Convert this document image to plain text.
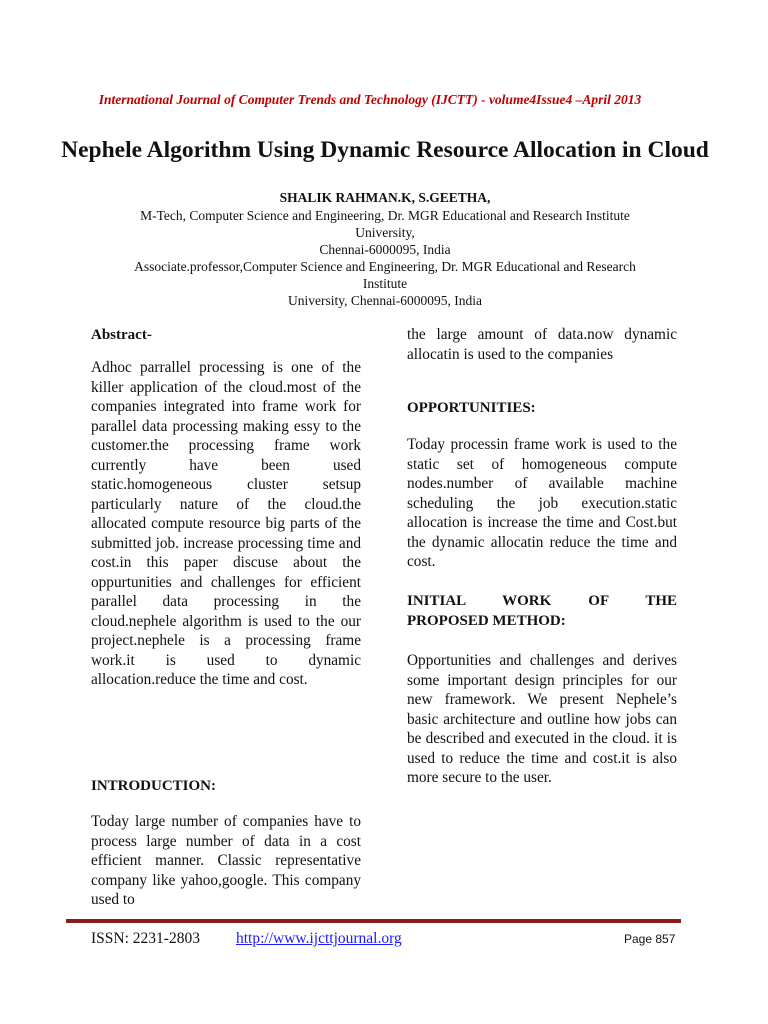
International Journal of Computer Trends and Technology (IJCTT) - volume4Issue4 –April 2013
Nephele Algorithm Using Dynamic Resource Allocation in Cloud
SHALIK RAHMAN.K, S.GEETHA,
M-Tech, Computer Science and Engineering, Dr. MGR Educational and Research Institute
University,
Chennai-6000095, India
Associate.professor,Computer Science and Engineering, Dr. MGR Educational and Research
Institute
University, Chennai-6000095, India
Abstract-

Adhoc parrallel processing is one of the killer application of the cloud.most of the companies integrated into frame work for parallel data processing making essy to the customer.the processing frame work currently have been used static.homogeneous cluster setsup particularly nature of the cloud.the allocated compute resource big parts of the submitted job. increase processing time and cost.in this paper discuse about the oppurtunities and challenges for efficient parallel data processing in the cloud.nephele algorithm is used to the our project.nephele is a processing frame work.it is used to dynamic allocation.reduce the time and cost.

INTRODUCTION:

Today large number of companies have to process large number of data in a cost efficient manner. Classic representative company like yahoo,google. This company used to

the large amount of data.now dynamic allocatin is used to the companies

OPPORTUNITIES:

Today processin frame work is used to the static set of homogeneous compute nodes.number of available machine scheduling the job execution.static allocation is increase the time and Cost.but the dynamic allocatin reduce the time and cost.

INITIAL WORK OF THE
PROPOSED METHOD:

Opportunities and challenges and derives some important design principles for our new framework. We present Nephele’s basic architecture and outline how jobs can be described and executed in the cloud. it is used to reduce the time and cost.it is also more secure to the user.

ISSN: 2231-2803 http://www.ijcttjournal.org	Page 857
